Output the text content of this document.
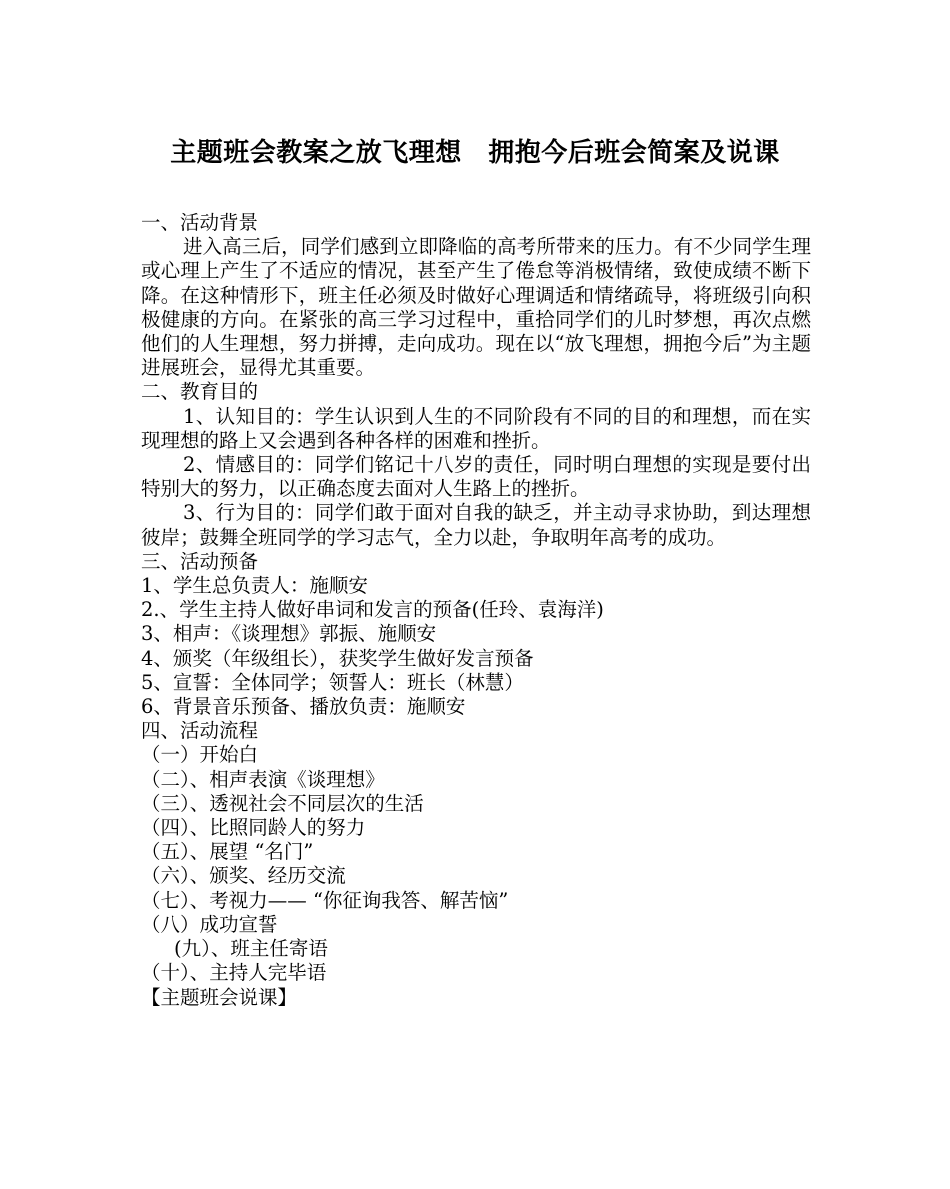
主题班会教案之放飞理想　拥抱今后班会简案及说课

一、活动背景

进入高三后，同学们感到立即降临的高考所带来的压力。有不少同学生理或心理上产生了不适应的情况，甚至产生了倦怠等消极情绪，致使成绩不断下降。在这种情形下，班主任必须及时做好心理调适和情绪疏导，将班级引向积极健康的方向。在紧张的高三学习过程中，重拾同学们的儿时梦想，再次点燃他们的人生理想，努力拼搏，走向成功。现在以“放飞理想，拥抱今后”为主题进展班会，显得尤其重要。

二、教育目的

1、认知目的：学生认识到人生的不同阶段有不同的目的和理想，而在实现理想的路上又会遇到各种各样的困难和挫折。

2、情感目的：同学们铭记十八岁的责任，同时明白理想的实现是要付出特别大的努力，以正确态度去面对人生路上的挫折。

3、行为目的：同学们敢于面对自我的缺乏，并主动寻求协助，到达理想彼岸；鼓舞全班同学的学习志气，全力以赴，争取明年高考的成功。

三、活动预备

1、学生总负责人：施顺安

2.、学生主持人做好串词和发言的预备(任玲、袁海洋)

3、相声：《谈理想》郭振、施顺安

4、颁奖（年级组长），获奖学生做好发言预备

5、宣誓：全体同学；领誓人：班长（林慧）

6、背景音乐预备、播放负责：施顺安

四、活动流程

（一）开始白

（二）、相声表演《谈理想》

（三）、透视社会不同层次的生活

（四）、比照同龄人的努力

（五）、展望 “名门”

（六）、颁奖、经历交流

（七）、考视力—— “你征询我答、解苦恼”

（八）成功宣誓

(九）、班主任寄语

（十）、主持人完毕语

【主题班会说课】
